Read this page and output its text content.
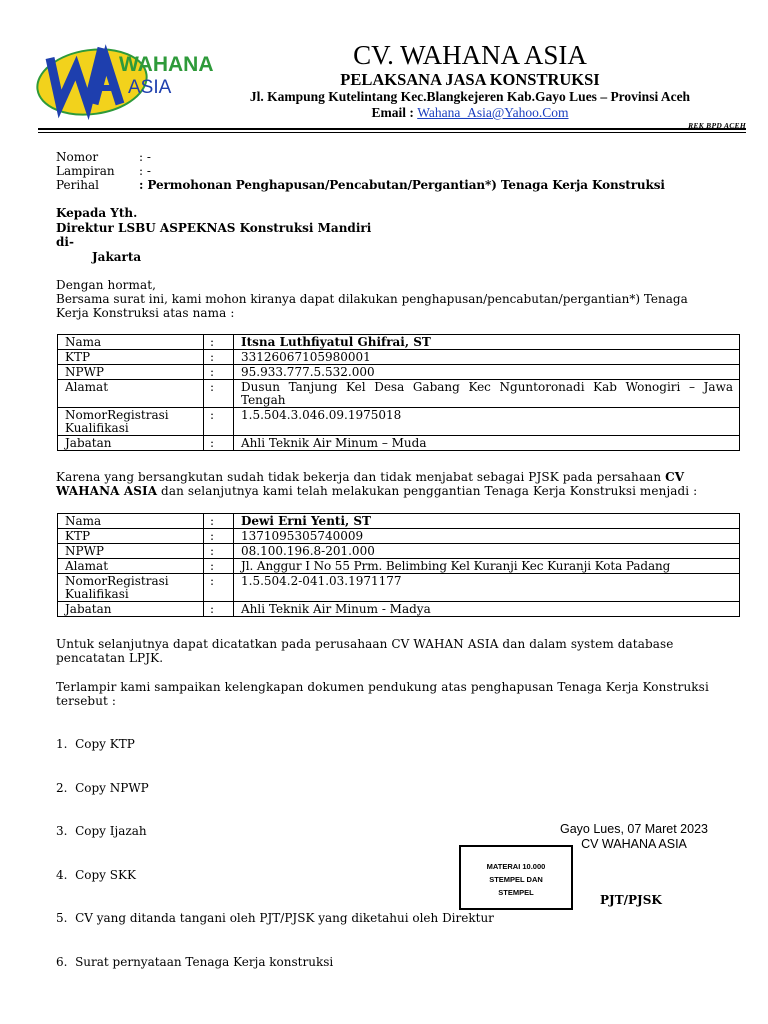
WAHANA
ASIA
CV. WAHANA ASIA
PELAKSANA JASA KONSTRUKSI
Jl. Kampung Kutelintang Kec.Blangkejeren Kab.Gayo Lues – Provinsi Aceh
Email : Wahana_Asia@Yahoo.Com
REK BPD ACEH
Nomor	: -
Lampiran : -
Perihal	: Permohonan Penghapusan/Pencabutan/Pergantian*) Tenaga Kerja Konstruksi
Kepada Yth.
Direktur LSBU ASPEKNAS Konstruksi Mandiri
di-
Jakarta
Dengan hormat,
Bersama surat ini, kami mohon kiranya dapat dilakukan penghapusan/pencabutan/pergantian*) Tenaga
Kerja Konstruksi atas nama :
Nama	:	Itsna Luthfiyatul Ghifrai, ST
KTP	:	33126067105980001
NPWP	:	95.933.777.5.532.000
Alamat	:	Dusun Tanjung Kel Desa Gabang Kec Nguntoronadi Kab Wonogiri – Jawa Tengah
NomorRegistrasi Kualifikasi	:	1.5.504.3.046.09.1975018
Jabatan	:	Ahli Teknik Air Minum – Muda
Karena yang bersangkutan sudah tidak bekerja dan tidak menjabat sebagai PJSK pada persahaan CV
WAHANA ASIA dan selanjutnya kami telah melakukan penggantian Tenaga Kerja Konstruksi menjadi :
Nama	:	Dewi Erni Yenti, ST
KTP	:	1371095305740009
NPWP	:	08.100.196.8-201.000
Alamat	:	Jl. Anggur I No 55 Prm. Belimbing Kel Kuranji Kec Kuranji Kota Padang
NomorRegistrasi Kualifikasi	:	1.5.504.2-041.03.1971177
Jabatan	:	Ahli Teknik Air Minum - Madya
Untuk selanjutnya dapat dicatatkan pada perusahaan CV WAHAN ASIA dan dalam system database
pencatatan LPJK.
Terlampir kami sampaikan kelengkapan dokumen pendukung atas penghapusan Tenaga Kerja Konstruksi
tersebut :

1.  Copy KTP

2.  Copy NPWP

3.  Copy Ijazah

4.  Copy SKK

5.  CV yang ditanda tangani oleh PJT/PJSK yang diketahui oleh Direktur

6.  Surat pernyataan Tenaga Kerja konstruksi

Gayo Lues, 07 Maret 2023
CV WAHANA ASIA
MATERAI 10.000
STEMPEL DAN
STEMPEL
PJT/PJSK
